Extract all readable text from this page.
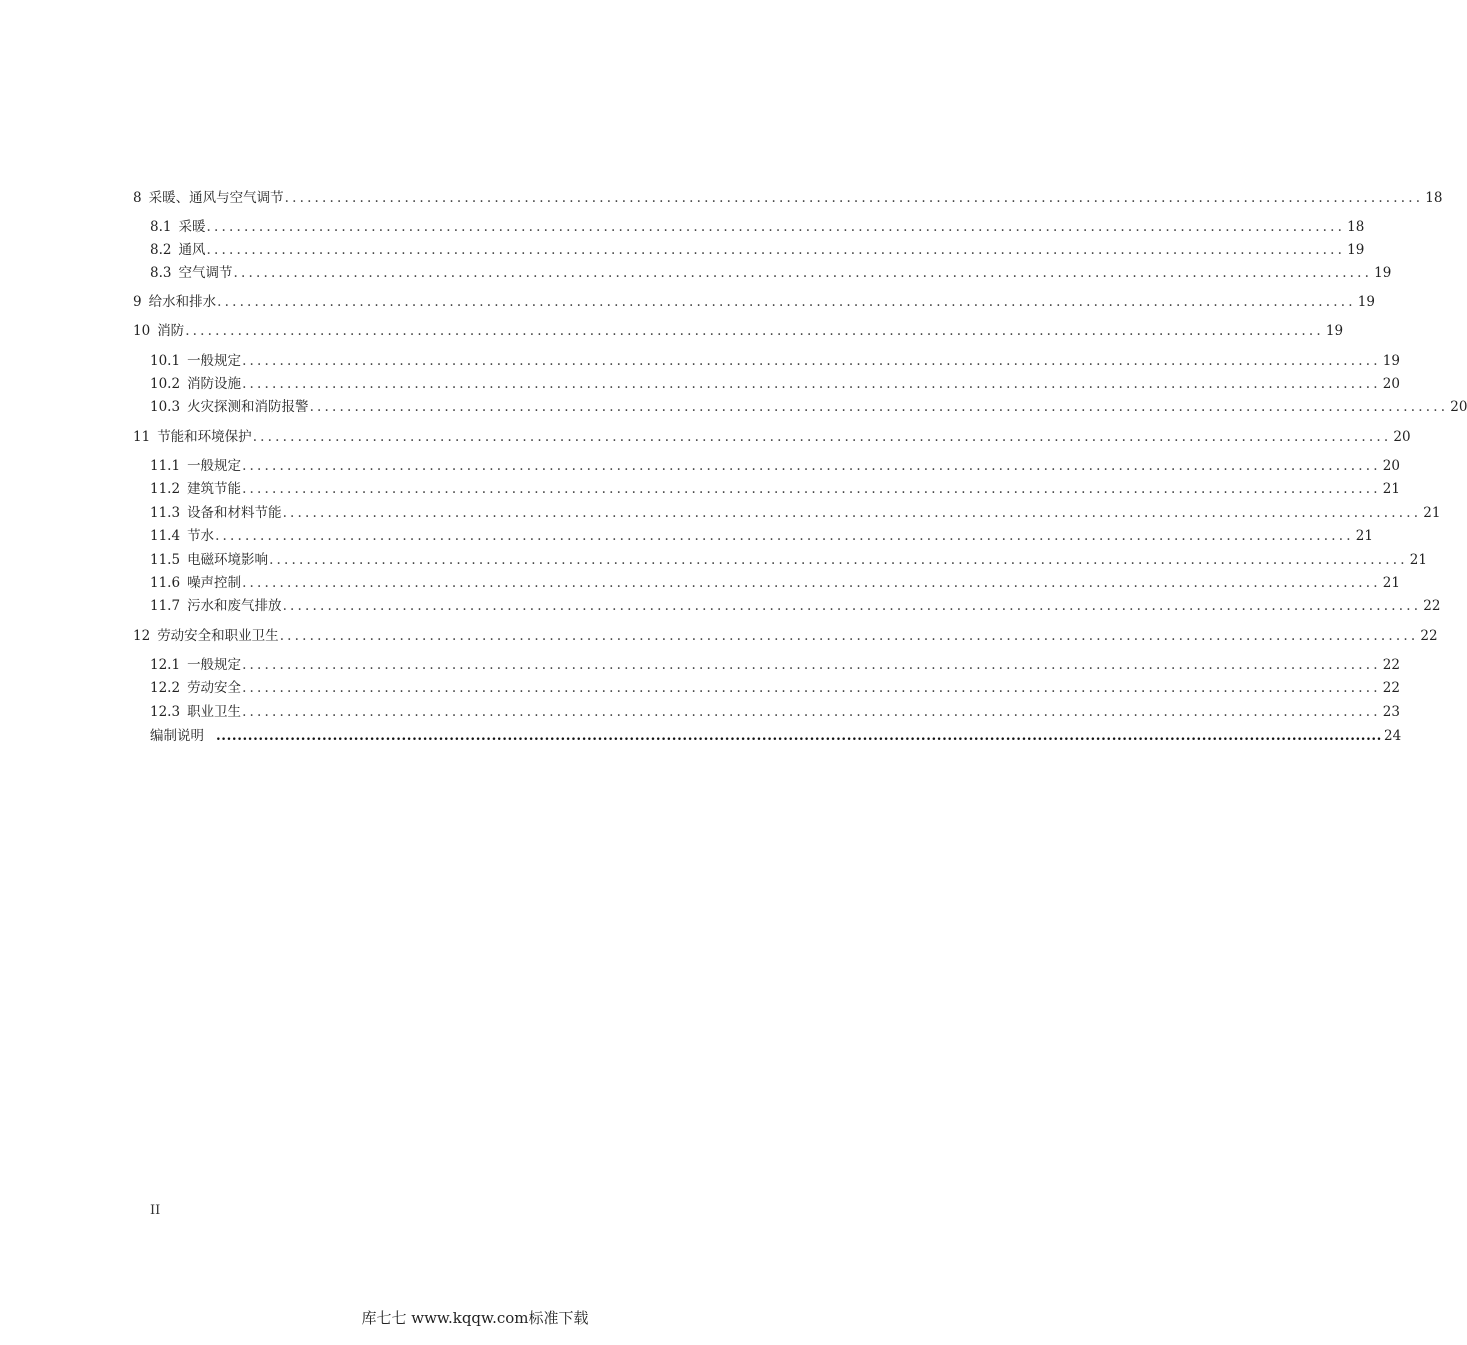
8 采暖、通风与空气调节 ........................................................................................................................................................ 18
8.1 采暖 ........................................................................................................................................................ 18
8.2 通风 ........................................................................................................................................................ 19
8.3 空气调节 ........................................................................................................................................................ 19
9 给水和排水 ........................................................................................................................................................ 19
10 消防 ........................................................................................................................................................ 19
10.1 一般规定 ........................................................................................................................................................ 19
10.2 消防设施 ........................................................................................................................................................ 20
10.3 火灾探测和消防报警 ........................................................................................................................................................ 20
11 节能和环境保护 ........................................................................................................................................................ 20
11.1 一般规定 ........................................................................................................................................................ 20
11.2 建筑节能 ........................................................................................................................................................ 21
11.3 设备和材料节能 ........................................................................................................................................................ 21
11.4 节水 ........................................................................................................................................................ 21
11.5 电磁环境影响 ........................................................................................................................................................ 21
11.6 噪声控制 ........................................................................................................................................................ 21
11.7 污水和废气排放 ........................................................................................................................................................ 22
12 劳动安全和职业卫生 ........................................................................................................................................................ 22
12.1 一般规定 ........................................................................................................................................................ 22
12.2 劳动安全 ........................................................................................................................................................ 22
12.3 职业卫生 ........................................................................................................................................................ 23
编制说明 ............................................................................................................................................................................................................................ 24
II
库七七 www.kqqw.com标准下载
